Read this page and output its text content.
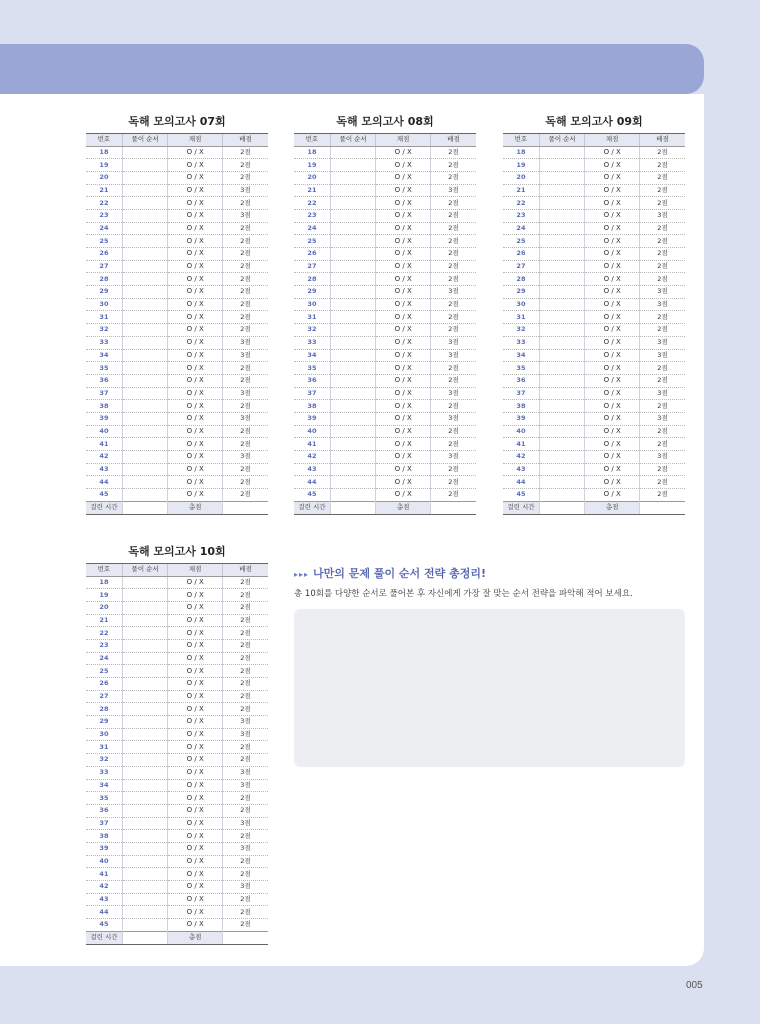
독해 모의고사 07회
번호	풀이 순서	채점	배점
18		O / X	2점
19		O / X	2점
20		O / X	2점
21		O / X	3점
22		O / X	2점
23		O / X	3점
24		O / X	2점
25		O / X	2점
26		O / X	2점
27		O / X	2점
28		O / X	2점
29		O / X	2점
30		O / X	2점
31		O / X	2점
32		O / X	2점
33		O / X	3점
34		O / X	3점
35		O / X	2점
36		O / X	2점
37		O / X	3점
38		O / X	2점
39		O / X	3점
40		O / X	2점
41		O / X	2점
42		O / X	3점
43		O / X	2점
44		O / X	2점
45		O / X	2점
걸린 시간		총점	
독해 모의고사 08회
번호	풀이 순서	채점	배점
18		O / X	2점
19		O / X	2점
20		O / X	2점
21		O / X	3점
22		O / X	2점
23		O / X	2점
24		O / X	2점
25		O / X	2점
26		O / X	2점
27		O / X	2점
28		O / X	2점
29		O / X	3점
30		O / X	2점
31		O / X	2점
32		O / X	2점
33		O / X	3점
34		O / X	3점
35		O / X	2점
36		O / X	2점
37		O / X	3점
38		O / X	2점
39		O / X	3점
40		O / X	2점
41		O / X	2점
42		O / X	3점
43		O / X	2점
44		O / X	2점
45		O / X	2점
걸린 시간		총점	
독해 모의고사 09회
번호	풀이 순서	채점	배점
18		O / X	2점
19		O / X	2점
20		O / X	2점
21		O / X	2점
22		O / X	2점
23		O / X	3점
24		O / X	2점
25		O / X	2점
26		O / X	2점
27		O / X	2점
28		O / X	2점
29		O / X	3점
30		O / X	3점
31		O / X	2점
32		O / X	2점
33		O / X	3점
34		O / X	3점
35		O / X	2점
36		O / X	2점
37		O / X	3점
38		O / X	2점
39		O / X	3점
40		O / X	2점
41		O / X	2점
42		O / X	3점
43		O / X	2점
44		O / X	2점
45		O / X	2점
걸린 시간		총점	
독해 모의고사 10회
번호	풀이 순서	채점	배점
18		O / X	2점
19		O / X	2점
20		O / X	2점
21		O / X	2점
22		O / X	2점
23		O / X	2점
24		O / X	2점
25		O / X	2점
26		O / X	2점
27		O / X	2점
28		O / X	2점
29		O / X	3점
30		O / X	3점
31		O / X	2점
32		O / X	2점
33		O / X	3점
34		O / X	3점
35		O / X	2점
36		O / X	2점
37		O / X	3점
38		O / X	2점
39		O / X	3점
40		O / X	2점
41		O / X	2점
42		O / X	3점
43		O / X	2점
44		O / X	2점
45		O / X	2점
걸린 시간		총점	
▸▸▸ 나만의 문제 풀이 순서 전략 총정리!
총 10회를 다양한 순서로 풀어본 후 자신에게 가장 잘 맞는 순서 전략을 파악해 적어 보세요.
005
